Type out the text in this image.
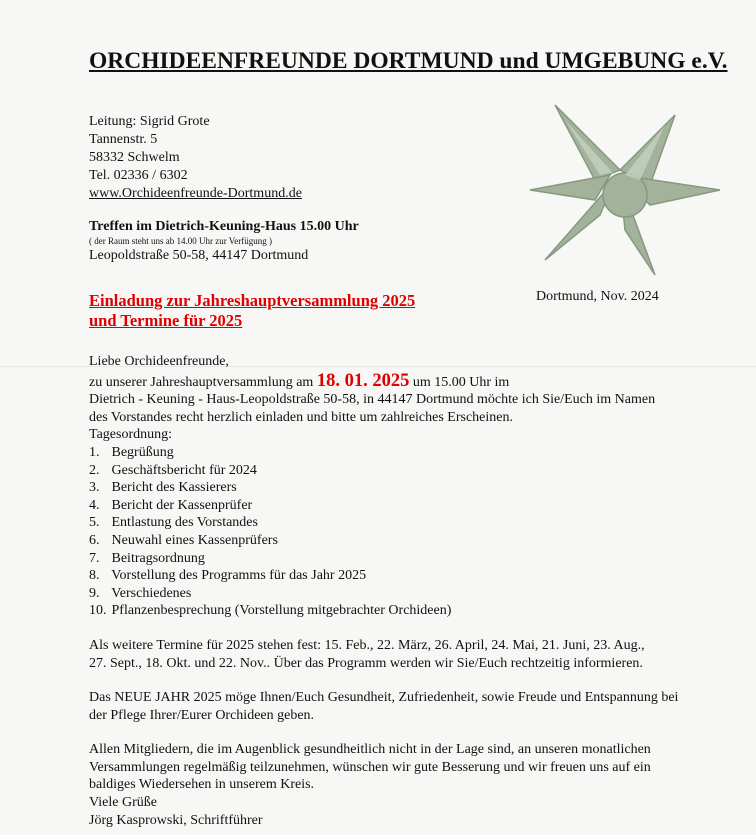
ORCHIDEENFREUNDE DORTMUND und UMGEBUNG e.V.
Leitung: Sigrid Grote
Tannenstr. 5
58332 Schwelm
Tel. 02336 / 6302
www.Orchideenfreunde-Dortmund.de
Treffen im Dietrich-Keuning-Haus 15.00 Uhr
( der Raum steht uns ab 14.00 Uhr zur Verfügung )
Leopoldstraße 50-58, 44147 Dortmund
Einladung zur Jahreshauptversammlung 2025
und Termine für 2025
Dortmund, Nov. 2024

Liebe Orchideenfreunde,

zu unserer Jahreshauptversammlung am 18. 01. 2025 um 15.00 Uhr im

Dietrich - Keuning - Haus-Leopoldstraße 50-58, in 44147 Dortmund möchte ich Sie/Euch im Namen

des Vorstandes recht herzlich einladen und bitte um zahlreiches Erscheinen.

Tagesordnung:

1. Begrüßung
2. Geschäftsbericht für 2024
3. Bericht des Kassierers
4. Bericht der Kassenprüfer
5. Entlastung des Vorstandes
6. Neuwahl eines Kassenprüfers
7. Beitragsordnung
8. Vorstellung des Programms für das Jahr 2025
9. Verschiedenes
10. Pflanzenbesprechung (Vorstellung mitgebrachter Orchideen)

Als weitere Termine für 2025 stehen fest: 15. Feb., 22. März, 26. April, 24. Mai, 21. Juni, 23. Aug.,

27. Sept., 18. Okt. und 22. Nov.. Über das Programm werden wir Sie/Euch rechtzeitig informieren.

Das NEUE JAHR 2025 möge Ihnen/Euch Gesundheit, Zufriedenheit, sowie Freude und Entspannung bei

der Pflege Ihrer/Eurer Orchideen geben.

Allen Mitgliedern, die im Augenblick gesundheitlich nicht in der Lage sind, an unseren monatlichen

Versammlungen regelmäßig teilzunehmen, wünschen wir gute Besserung und wir freuen uns auf ein

baldiges Wiedersehen in unserem Kreis.

Viele Grüße

Jörg Kasprowski, Schriftführer
